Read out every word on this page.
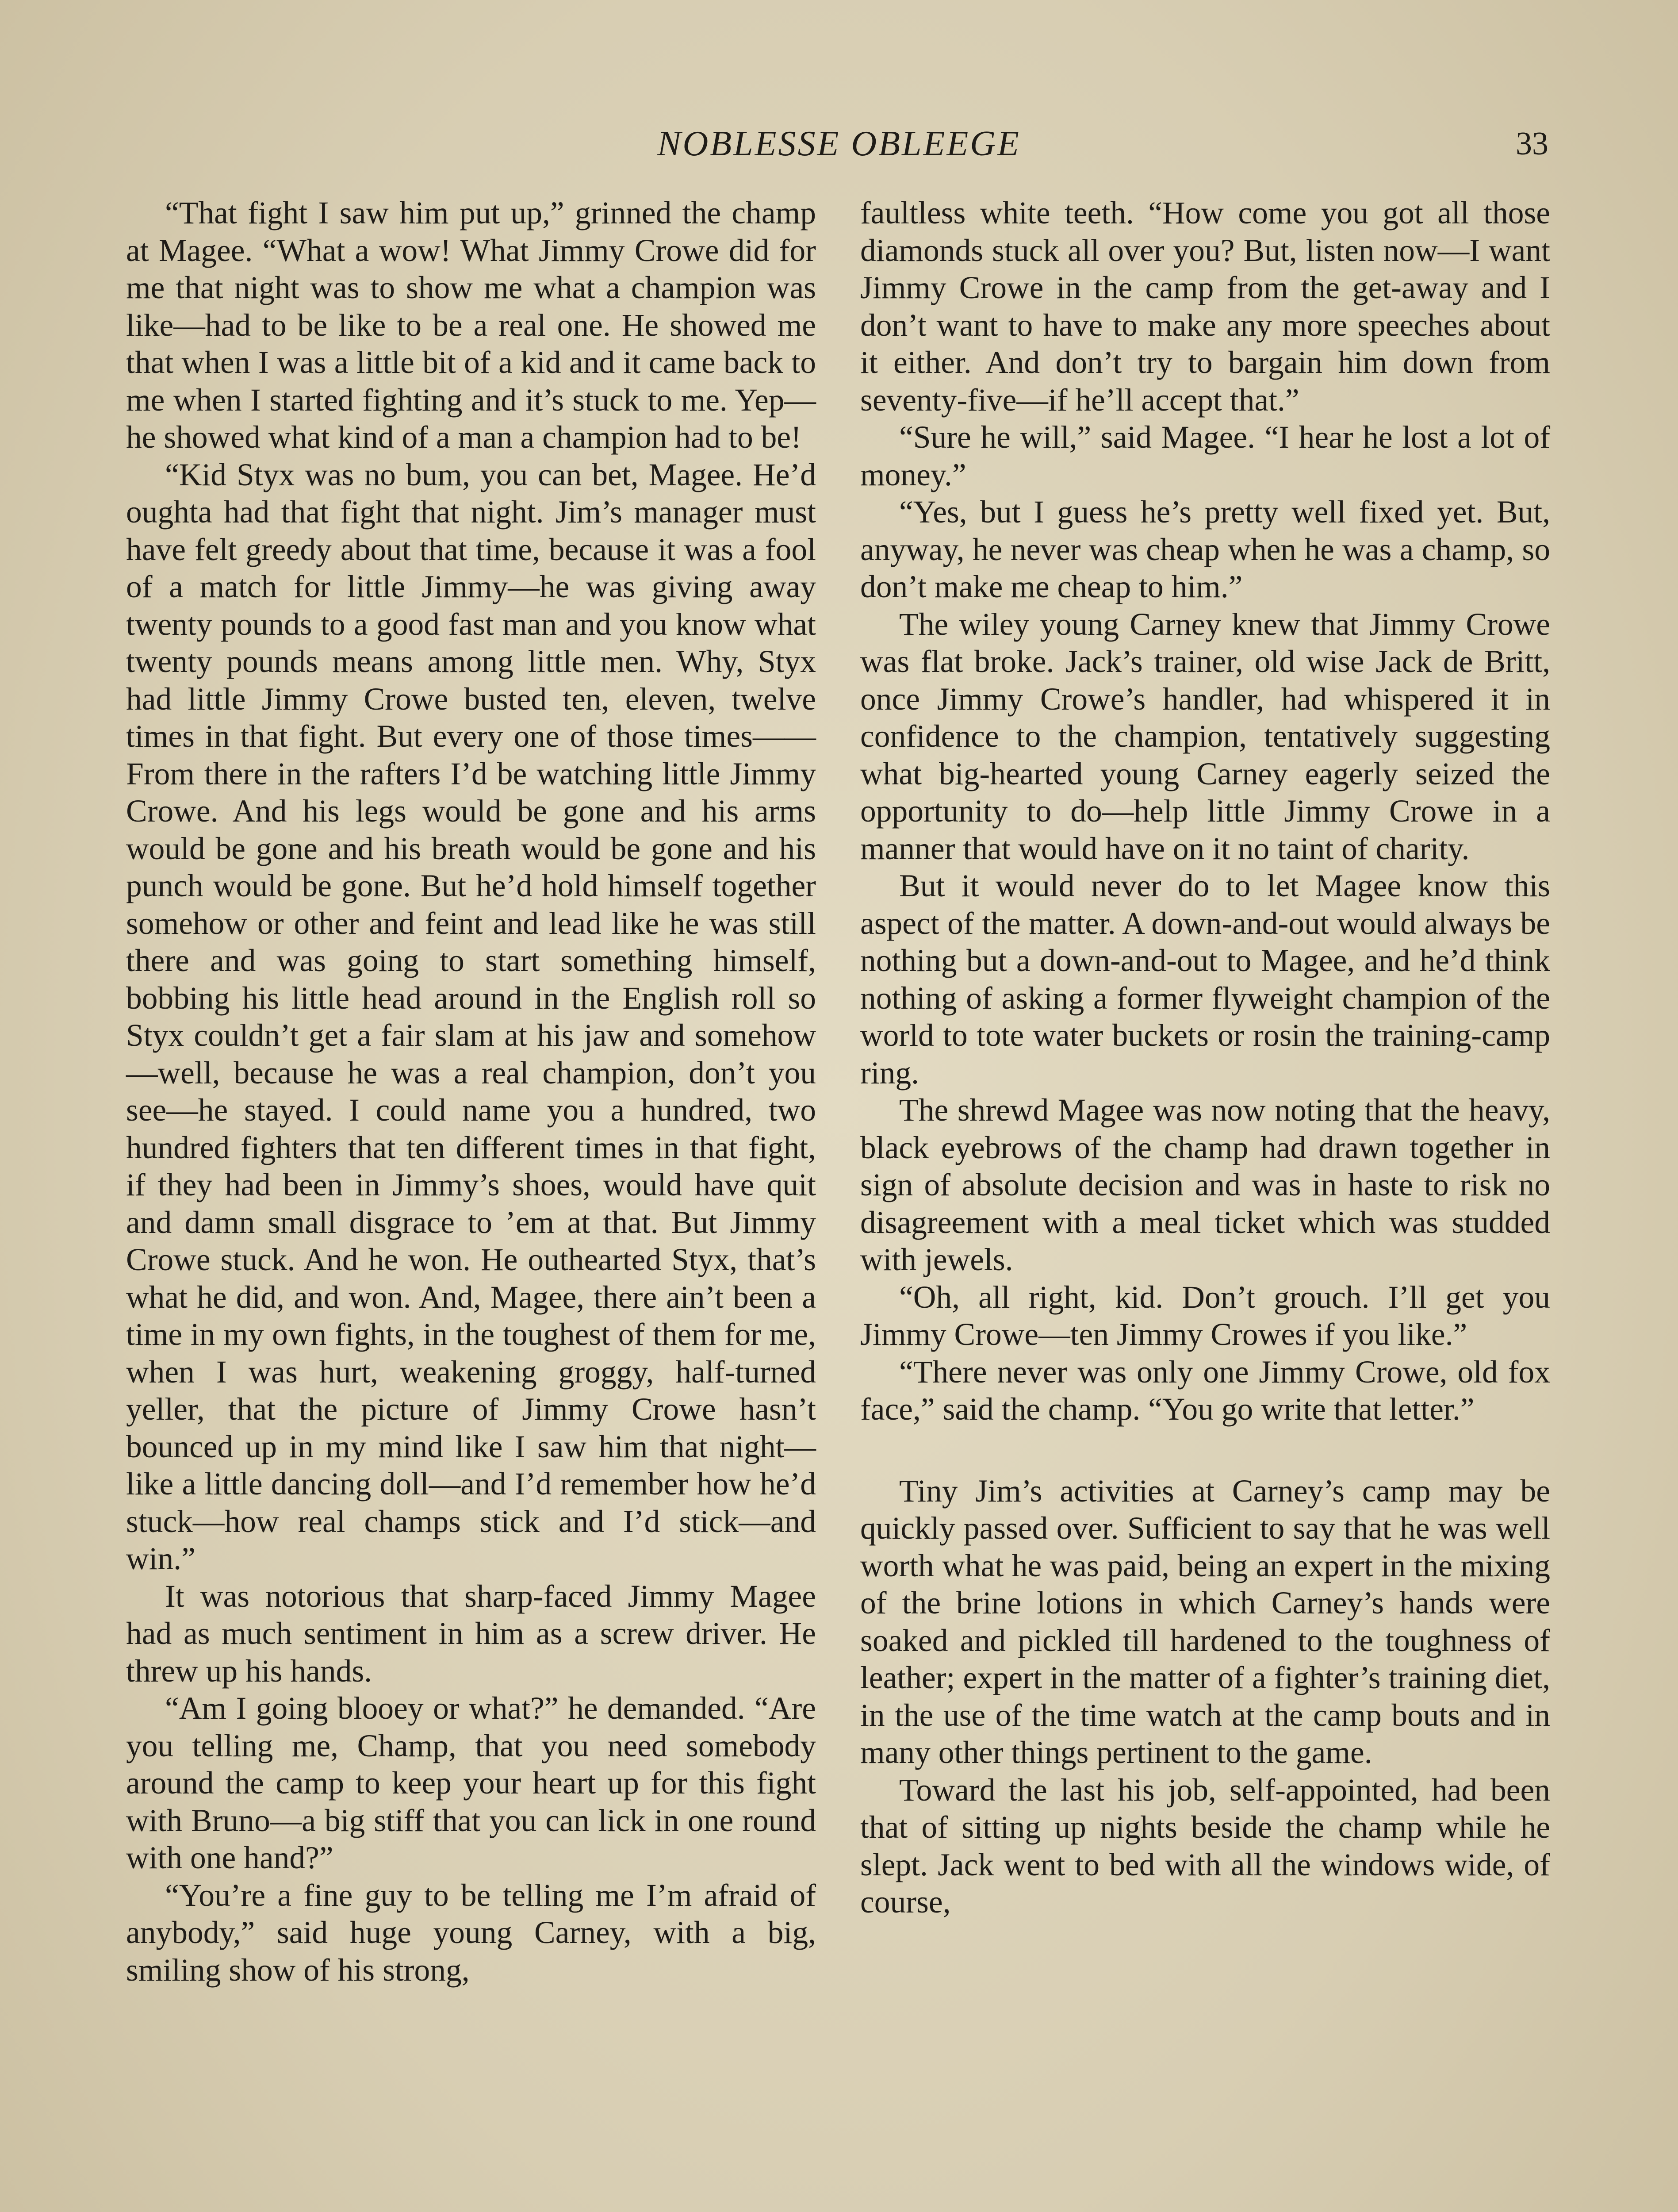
NOBLESSE OBLEEGE	33

“That fight I saw him put up,” grinned the champ at Magee. “What a wow! What Jimmy Crowe did for me that night was to show me what a champion was like—had to be like to be a real one. He showed me that when I was a little bit of a kid and it came back to me when I started fighting and it’s stuck to me. Yep—he showed what kind of a man a champion had to be!

“Kid Styx was no bum, you can bet, Magee. He’d oughta had that fight that night. Jim’s manager must have felt greedy about that time, because it was a fool of a match for little Jimmy—he was giving away twenty pounds to a good fast man and you know what twenty pounds means among little men. Why, Styx had little Jimmy Crowe busted ten, eleven, twelve times in that fight. But every one of those times—— From there in the rafters I’d be watching little Jimmy Crowe. And his legs would be gone and his arms would be gone and his breath would be gone and his punch would be gone. But he’d hold himself together somehow or other and feint and lead like he was still there and was going to start something himself, bobbing his little head around in the English roll so Styx couldn’t get a fair slam at his jaw and somehow—well, because he was a real champion, don’t you see—he stayed. I could name you a hundred, two hundred fighters that ten different times in that fight, if they had been in Jimmy’s shoes, would have quit and damn small disgrace to ’em at that. But Jimmy Crowe stuck. And he won. He outhearted Styx, that’s what he did, and won. And, Magee, there ain’t been a time in my own fights, in the toughest of them for me, when I was hurt, weakening groggy, half-turned yeller, that the picture of Jimmy Crowe hasn’t bounced up in my mind like I saw him that night—like a little dancing doll—and I’d remember how he’d stuck—how real champs stick and I’d stick—and win.”

It was notorious that sharp-faced Jimmy Magee had as much sentiment in him as a screw driver. He threw up his hands.

“Am I going blooey or what?” he demanded. “Are you telling me, Champ, that you need somebody around the camp to keep your heart up for this fight with Bruno—a big stiff that you can lick in one round with one hand?”

“You’re a fine guy to be telling me I’m afraid of anybody,” said huge young Carney, with a big, smiling show of his strong,

faultless white teeth. “How come you got all those diamonds stuck all over you? But, listen now—I want Jimmy Crowe in the camp from the get-away and I don’t want to have to make any more speeches about it either. And don’t try to bargain him down from seventy-five—if he’ll accept that.”

“Sure he will,” said Magee. “I hear he lost a lot of money.”

“Yes, but I guess he’s pretty well fixed yet. But, anyway, he never was cheap when he was a champ, so don’t make me cheap to him.”

The wiley young Carney knew that Jimmy Crowe was flat broke. Jack’s trainer, old wise Jack de Britt, once Jimmy Crowe’s handler, had whispered it in confidence to the champion, tentatively suggesting what big-hearted young Carney eagerly seized the opportunity to do—help little Jimmy Crowe in a manner that would have on it no taint of charity.

But it would never do to let Magee know this aspect of the matter. A down-and-out would always be nothing but a down-and-out to Magee, and he’d think nothing of asking a former flyweight champion of the world to tote water buckets or rosin the training-camp ring.

The shrewd Magee was now noting that the heavy, black eyebrows of the champ had drawn together in sign of absolute decision and was in haste to risk no disagreement with a meal ticket which was studded with jewels.

“Oh, all right, kid. Don’t grouch. I’ll get you Jimmy Crowe—ten Jimmy Crowes if you like.”

“There never was only one Jimmy Crowe, old fox face,” said the champ. “You go write that letter.”

Tiny Jim’s activities at Carney’s camp may be quickly passed over. Sufficient to say that he was well worth what he was paid, being an expert in the mixing of the brine lotions in which Carney’s hands were soaked and pickled till hardened to the toughness of leather; expert in the matter of a fighter’s training diet, in the use of the time watch at the camp bouts and in many other things pertinent to the game.

Toward the last his job, self-appointed, had been that of sitting up nights beside the champ while he slept. Jack went to bed with all the windows wide, of course,
